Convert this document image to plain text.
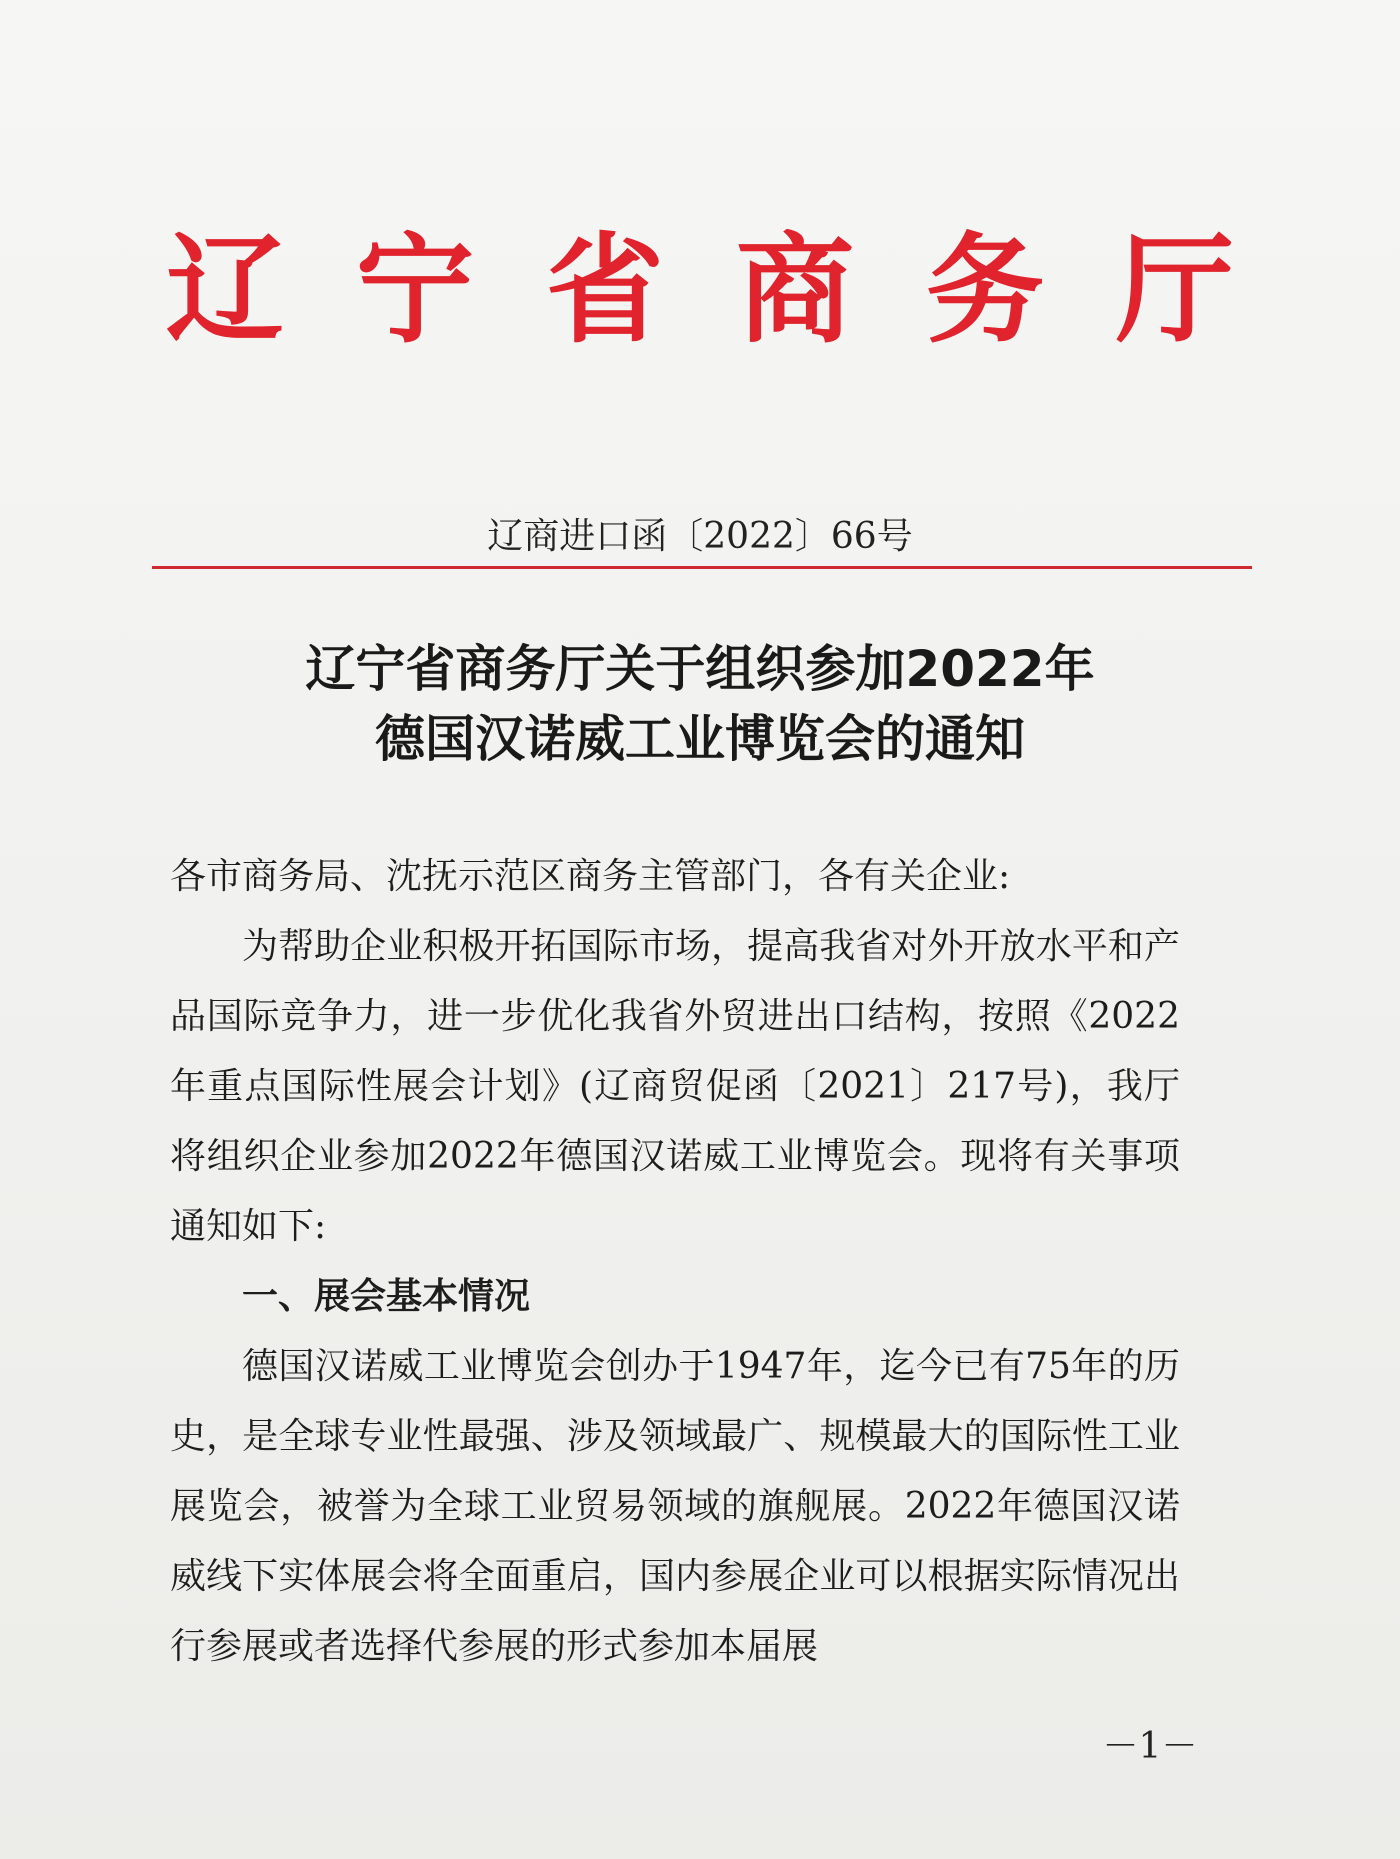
辽 宁 省 商 务 厅
辽商进口函〔2022〕66号
辽宁省商务厅关于组织参加2022年
德国汉诺威工业博览会的通知

各市商务局、沈抚示范区商务主管部门，各有关企业:

为帮助企业积极开拓国际市场，提高我省对外开放水平和产品国际竞争力，进一步优化我省外贸进出口结构，按照《2022年重点国际性展会计划》(辽商贸促函〔2021〕217号)，我厅将组织企业参加2022年德国汉诺威工业博览会。现将有关事项通知如下:

一、展会基本情况

德国汉诺威工业博览会创办于1947年，迄今已有75年的历史，是全球专业性最强、涉及领域最广、规模最大的国际性工业展览会，被誉为全球工业贸易领域的旗舰展。2022年德国汉诺威线下实体展会将全面重启，国内参展企业可以根据实际情况出行参展或者选择代参展的形式参加本届展

－1－
